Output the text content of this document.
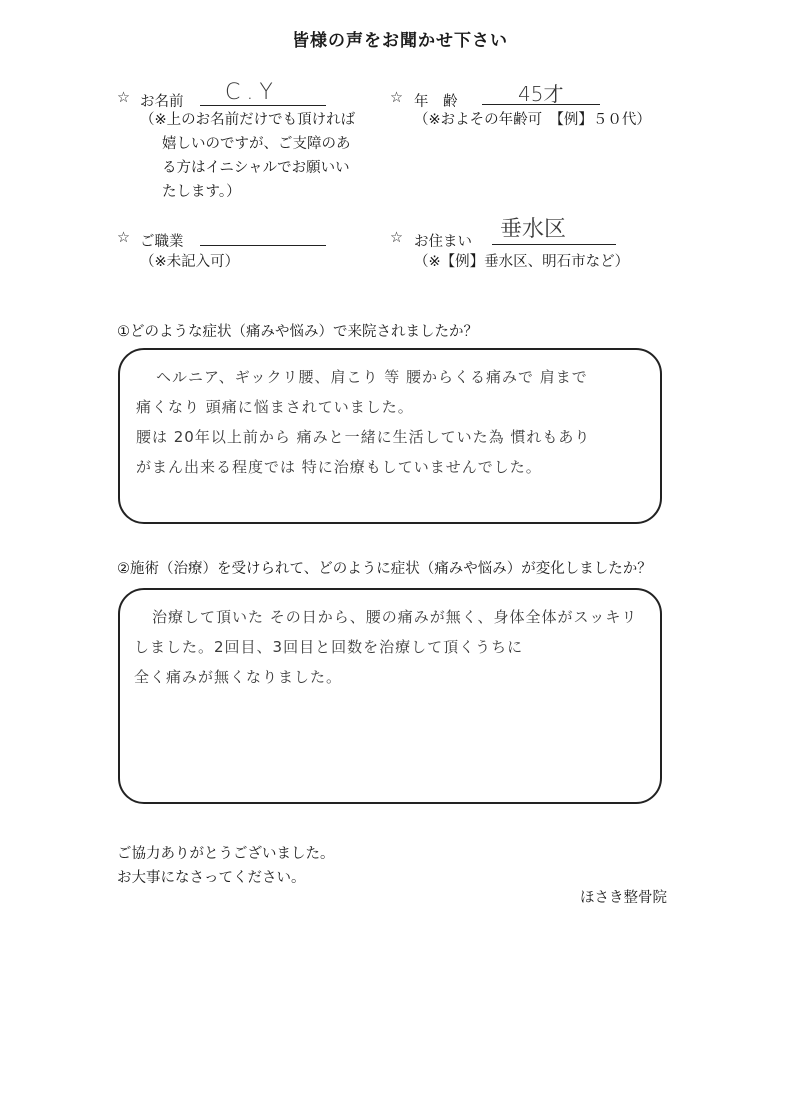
皆様の声をお聞かせ下さい
☆ お名前 C.Y
（※上のお名前だけでも頂ければ
嬉しいのですが、ご支障のあ
る方はイニシャルでお願いい
たします。）
☆ 年　齢	45才
（※およその年齢可　【例】５０代）
☆ ご職業
（※未記入可）
☆ お住まい 垂水区
（※【例】垂水区、明石市など）
①どのような症状（痛みや悩み）で来院されましたか？
ヘルニア、ギックリ腰、肩こり 等 腰からくる痛みで 肩まで
痛くなり 頭痛に悩まされていました。
腰は 20年以上前から 痛みと一緒に生活していた為 慣れもあり
がまん出来る程度では 特に治療もしていませんでした。
②施術（治療）を受けられて、どのように症状（痛みや悩み）が変化しましたか？
治療して頂いた その日から、腰の痛みが無く、身体全体がスッキリ
しました。2回目、3回目と回数を治療して頂くうちに
全く痛みが無くなりました。
ご協力ありがとうございました。
お大事になさってください。
ほさき整骨院
